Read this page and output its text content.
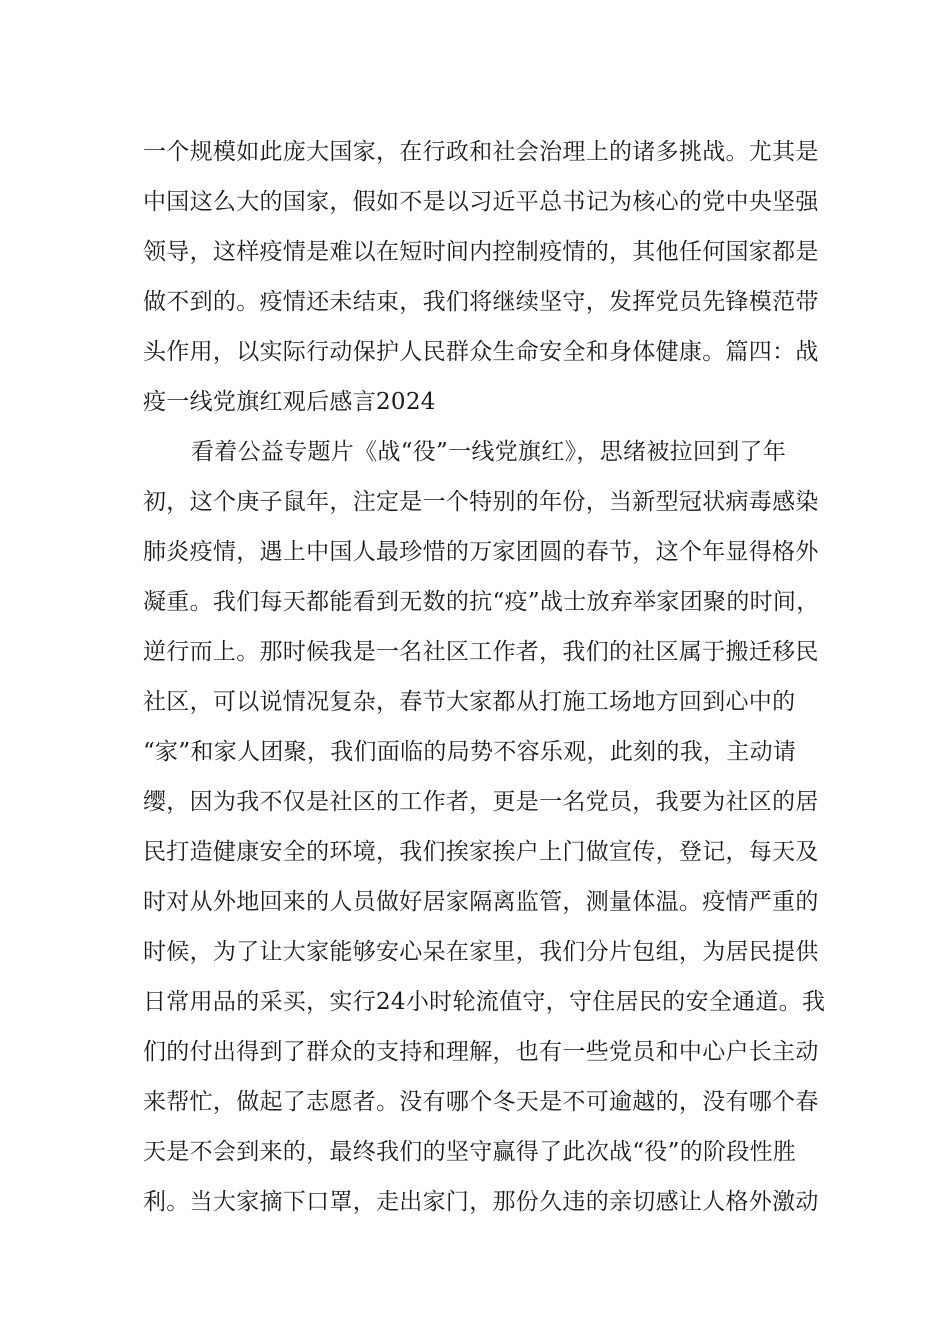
一个规模如此庞大国家，在行政和社会治理上的诸多挑战。尤其是
中国这么大的国家，假如不是以习近平总书记为核心的党中央坚强
领导，这样疫情是难以在短时间内控制疫情的，其他任何国家都是
做不到的。疫情还未结束，我们将继续坚守，发挥党员先锋模范带
头作用，以实际行动保护人民群众生命安全和身体健康。篇四：战
疫一线党旗红观后感言2024
看着公益专题片《战“役”一线党旗红》，思绪被拉回到了年
初，这个庚子鼠年，注定是一个特别的年份，当新型冠状病毒感染
肺炎疫情，遇上中国人最珍惜的万家团圆的春节，这个年显得格外
凝重。我们每天都能看到无数的抗“疫”战士放弃举家团聚的时间，
逆行而上。那时候我是一名社区工作者，我们的社区属于搬迁移民
社区，可以说情况复杂，春节大家都从打施工场地方回到心中的
“家”和家人团聚，我们面临的局势不容乐观，此刻的我，主动请
缨，因为我不仅是社区的工作者，更是一名党员，我要为社区的居
民打造健康安全的环境，我们挨家挨户上门做宣传，登记，每天及
时对从外地回来的人员做好居家隔离监管，测量体温。疫情严重的
时候，为了让大家能够安心呆在家里，我们分片包组，为居民提供
日常用品的采买，实行24小时轮流值守，守住居民的安全通道。我
们的付出得到了群众的支持和理解，也有一些党员和中心户长主动
来帮忙，做起了志愿者。没有哪个冬天是不可逾越的，没有哪个春
天是不会到来的，最终我们的坚守赢得了此次战“役”的阶段性胜
利。当大家摘下口罩，走出家门，那份久违的亲切感让人格外激动
